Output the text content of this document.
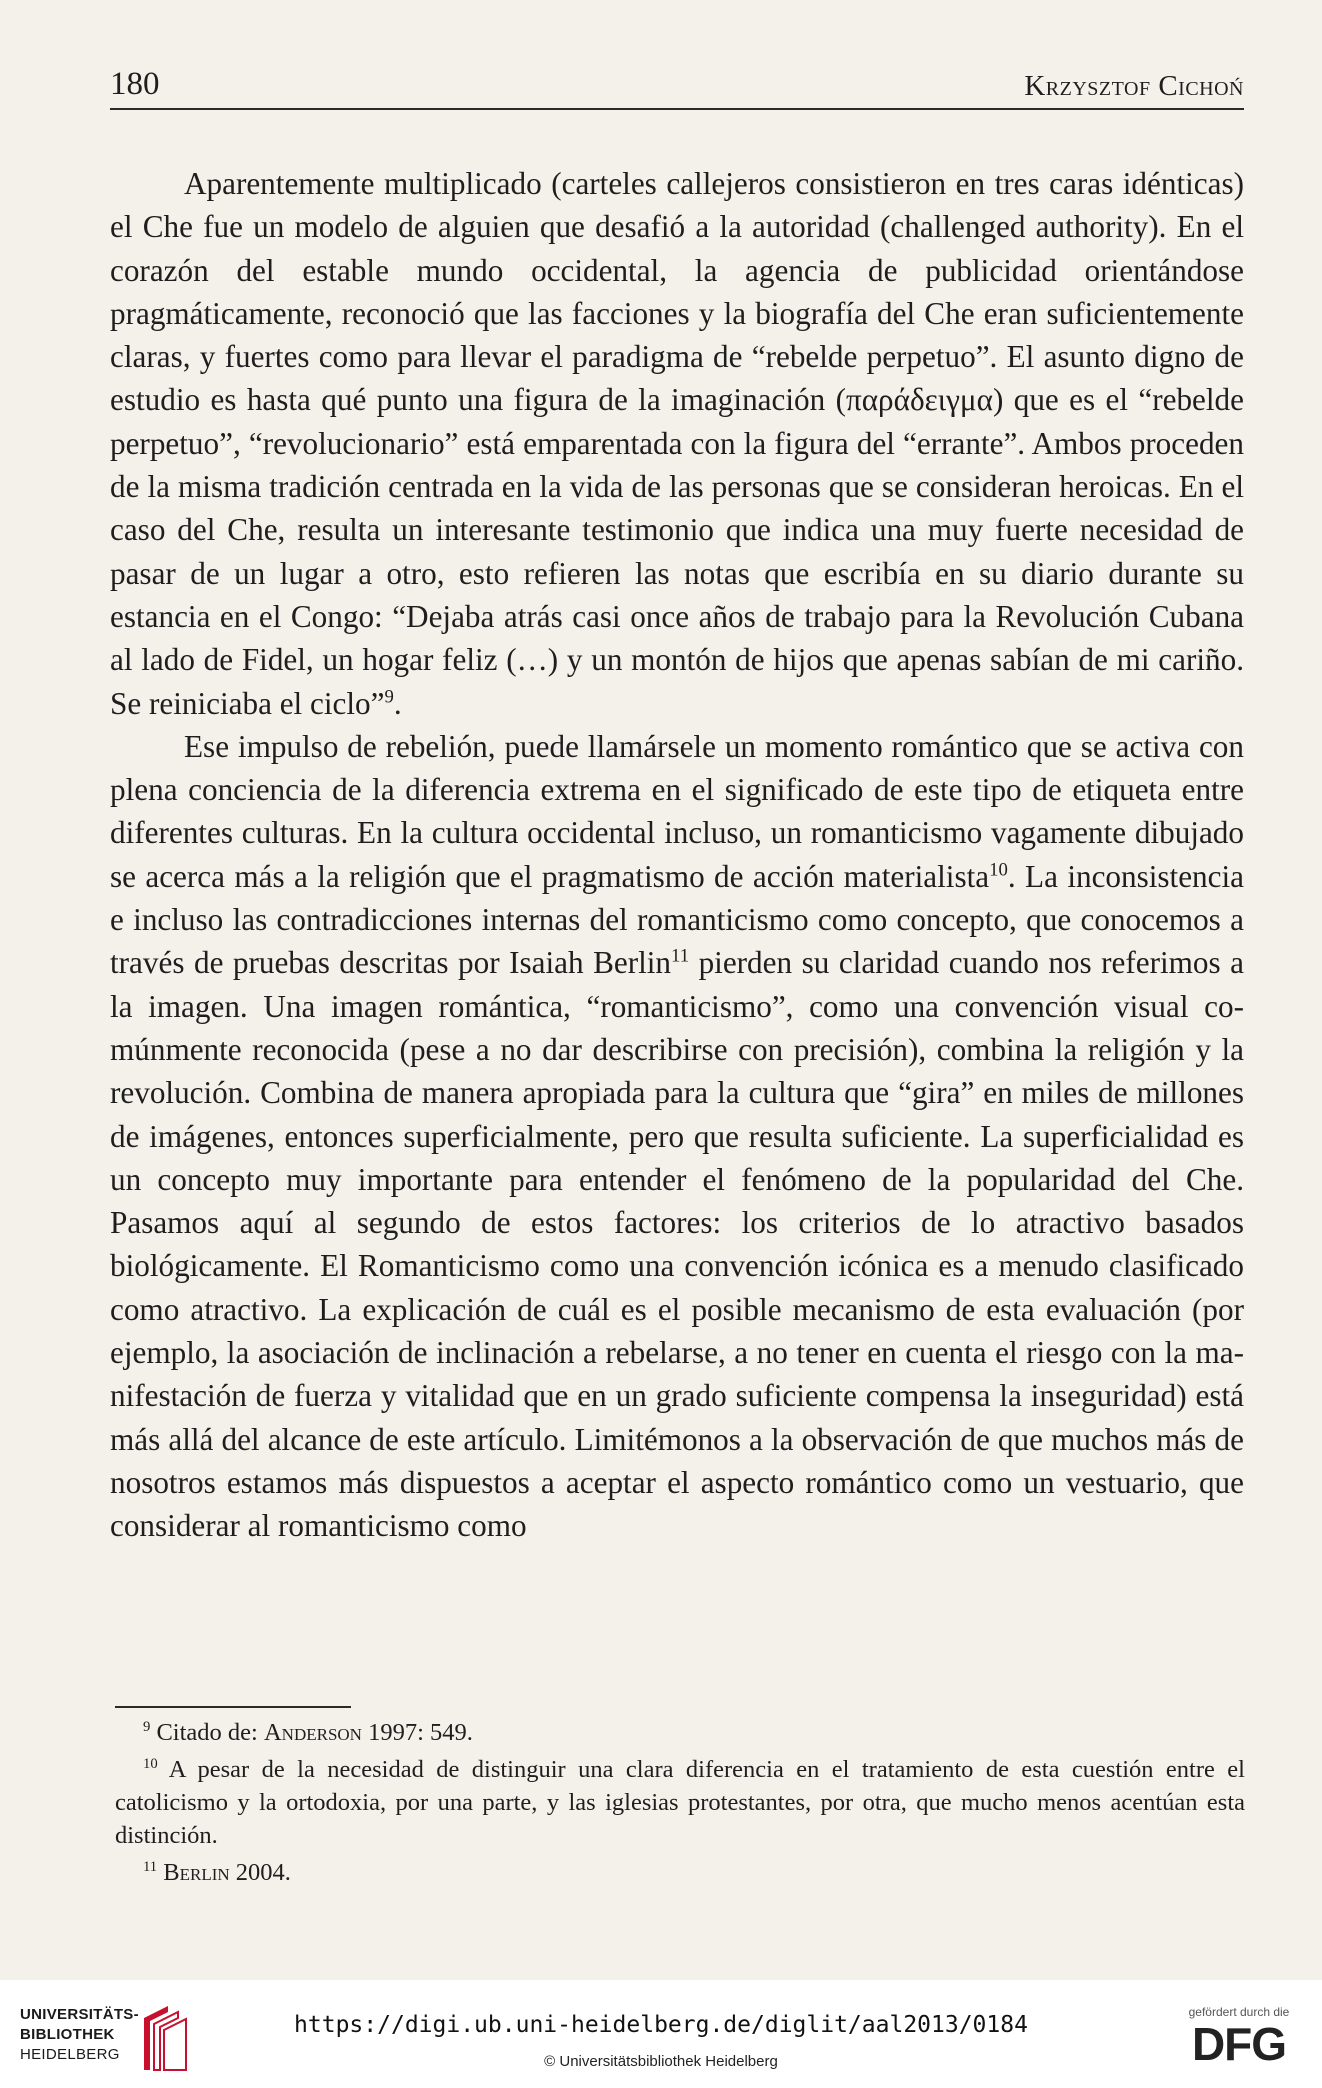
180	Krzysztof Cichoń

Aparentemente multiplicado (carteles callejeros consistieron en tres caras idénticas) el Che fue un modelo de alguien que desafió a la autoridad (challenged authority). En el corazón del estable mundo occidental, la agencia de publicidad orientándose pragmáticamente, reconoció que las facciones y la biografía del Che eran suficientemente claras, y fuertes como para llevar el paradigma de “rebelde perpetuo”. El asunto digno de estudio es hasta qué punto una figura de la imaginación (παράδειγμα) que es el “rebelde perpetuo”, “revolucionario” está emparentada con la figura del “errante”. Ambos proceden de la misma tradición centrada en la vida de las personas que se consideran heroicas. En el caso del Che, resulta un interesante testimonio que indica una muy fuerte necesidad de pasar de un lugar a otro, esto refieren las notas que escribía en su diario durante su estancia en el Congo: “Dejaba atrás casi once años de trabajo para la Revolución Cubana al lado de Fidel, un hogar feliz (…) y un montón de hijos que apenas sabían de mi cariño. Se reiniciaba el ciclo”$^9$.

Ese impulso de rebelión, puede llamársele un momento romántico que se activa con plena conciencia de la diferencia extrema en el significado de este tipo de etiqueta entre diferentes culturas. En la cultura occidental incluso, un romanticismo vagamente dibujado se acerca más a la religión que el pragmatismo de acción materialista$^{10}$. La inconsistencia e incluso las contradicciones internas del romanticismo como concepto, que conocemos a través de pruebas descritas por Isaiah Berlin$^{11}$ pierden su claridad cuando nos referimos a la imagen. Una imagen romántica, “romanticismo”, como una convención visual comúnmente reconocida (pese a no dar describirse con precisión), combina la religión y la revolución. Combina de manera apropiada para la cultura que “gira” en miles de millones de imágenes, entonces superficialmente, pero que resulta suficiente. La superficialidad es un concepto muy importante para entender el fenómeno de la popularidad del Che. Pasamos aquí al segundo de estos factores: los criterios de lo atractivo basados biológicamente. El Romanticismo como una convención icónica es a menudo clasificado como atractivo. La explicación de cuál es el posible mecanismo de esta evaluación (por ejemplo, la asociación de inclinación a rebelarse, a no tener en cuenta el riesgo con la manifestación de fuerza y vitalidad que en un grado suficiente compensa la inseguridad) está más allá del alcance de este artículo. Limitémonos a la observación de que muchos más de nosotros estamos más dispuestos a aceptar el aspecto romántico como un vestuario, que considerar al romanticismo como

$^9$ Citado de: Anderson 1997: 549.

$^{10}$ A pesar de la necesidad de distinguir una clara diferencia en el tratamiento de esta cuestión entre el catolicismo y la ortodoxia, por una parte, y las iglesias protestantes, por otra, que mucho menos acentúan esta distinción.

$^{11}$ Berlin 2004.

UNIVERSITÄTS-
BIBLIOTHEK
HEIDELBERG
https://digi.ub.uni-heidelberg.de/diglit/aal2013/0184
© Universitätsbibliothek Heidelberg
gefördert durch die
DFG
